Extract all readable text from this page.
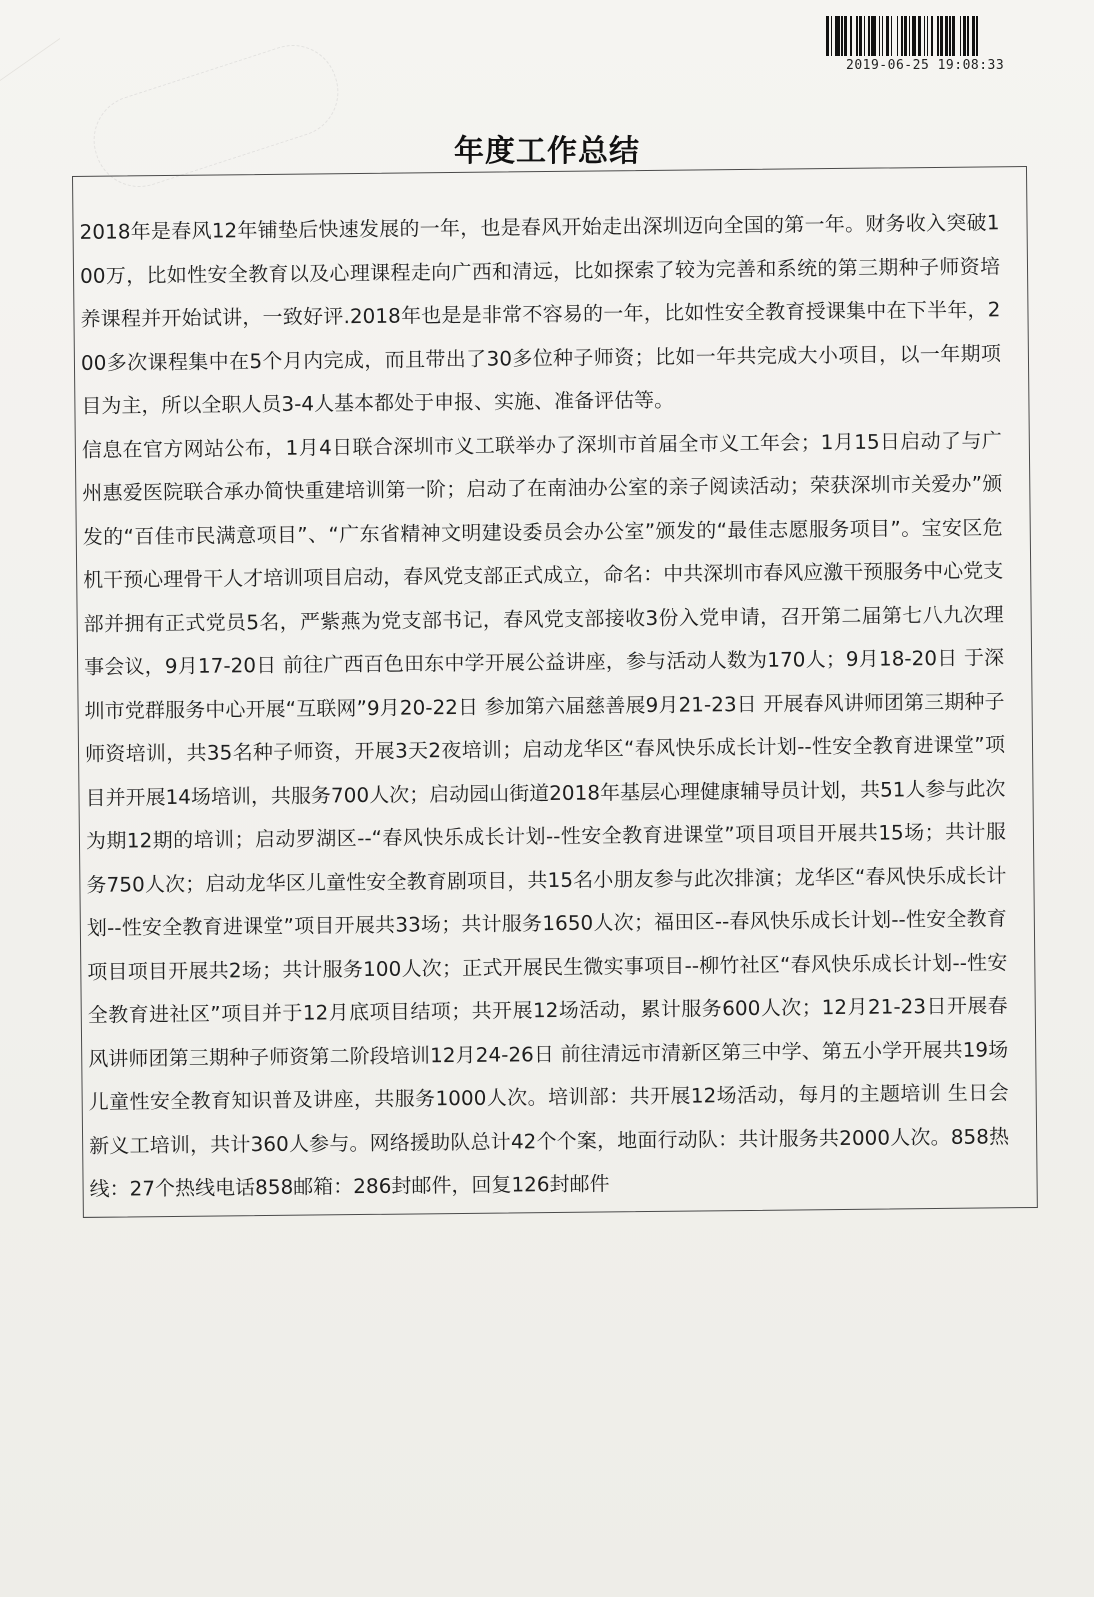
2019-06-25 19:08:33
年度工作总结

2018年是春风12年铺垫后快速发展的一年，也是春风开始走出深圳迈向全国的第一年。财务收入突破100万，比如性安全教育以及心理课程走向广西和清远，比如探索了较为完善和系统的第三期种子师资培养课程并开始试讲，一致好评.2018年也是是非常不容易的一年，比如性安全教育授课集中在下半年，200多次课程集中在5个月内完成，而且带出了30多位种子师资；比如一年共完成大小项目，以一年期项目为主，所以全职人员3-4人基本都处于申报、实施、准备评估等。

信息在官方网站公布，1月4日联合深圳市义工联举办了深圳市首届全市义工年会；1月15日启动了与广州惠爱医院联合承办简快重建培训第一阶；启动了在南油办公室的亲子阅读活动；荣获深圳市关爱办”颁发的“百佳市民满意项目”、“广东省精神文明建设委员会办公室”颁发的“最佳志愿服务项目”。宝安区危机干预心理骨干人才培训项目启动，春风党支部正式成立，命名：中共深圳市春风应激干预服务中心党支部并拥有正式党员5名，严紫燕为党支部书记，春风党支部接收3份入党申请，召开第二届第七八九次理事会议，9月17-20日 前往广西百色田东中学开展公益讲座，参与活动人数为170人；9月18-20日 于深圳市党群服务中心开展“互联网”9月20-22日 参加第六届慈善展9月21-23日 开展春风讲师团第三期种子师资培训，共35名种子师资，开展3天2夜培训；启动龙华区“春风快乐成长计划--性安全教育进课堂”项目并开展14场培训，共服务700人次；启动园山街道2018年基层心理健康辅导员计划，共51人参与此次为期12期的培训；启动罗湖区--“春风快乐成长计划--性安全教育进课堂”项目项目开展共15场；共计服务750人次；启动龙华区儿童性安全教育剧项目，共15名小朋友参与此次排演；龙华区“春风快乐成长计划--性安全教育进课堂”项目开展共33场；共计服务1650人次；福田区--春风快乐成长计划--性安全教育项目项目开展共2场；共计服务100人次；正式开展民生微实事项目--柳竹社区“春风快乐成长计划--性安全教育进社区”项目并于12月底项目结项；共开展12场活动，累计服务600人次；12月21-23日开展春风讲师团第三期种子师资第二阶段培训12月24-26日 前往清远市清新区第三中学、第五小学开展共19场 儿童性安全教育知识普及讲座，共服务1000人次。培训部：共开展12场活动，每月的主题培训 生日会 新义工培训，共计360人参与。网络援助队总计42个个案，地面行动队：共计服务共2000人次。858热线：27个热线电话858邮箱：286封邮件，回复126封邮件
